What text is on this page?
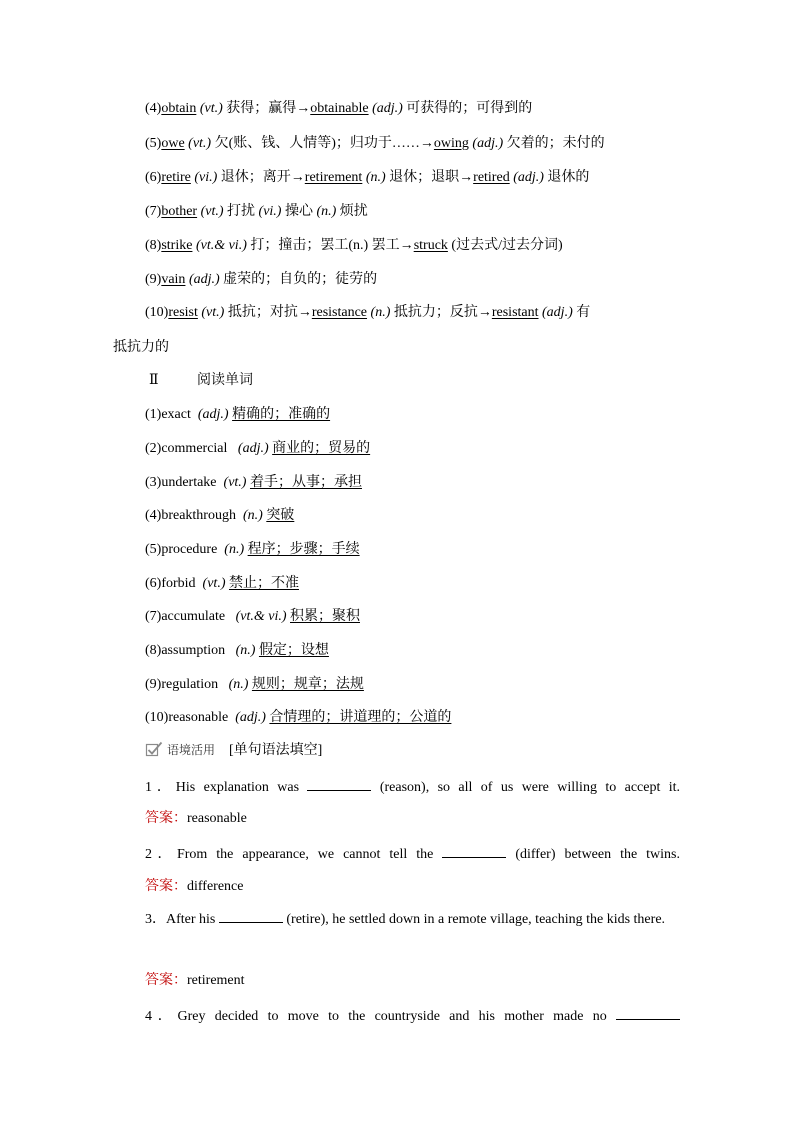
(4)obtain (vt.) 获得；赢得→obtainable (adj.) 可获得的；可得到的
(5)owe (vt.) 欠(账、钱、人情等)；归功于……→owing (adj.) 欠着的；未付的
(6)retire (vi.) 退休；离开→retirement (n.) 退休；退职→retired (adj.) 退休的
(7)bother (vt.) 打扰 (vi.) 操心 (n.) 烦扰
(8)strike (vt.& vi.) 打；撞击；罢工(n.) 罢工→struck (过去式/过去分词)
(9)vain (adj.) 虚荣的；自负的；徒劳的
(10)resist (vt.) 抵抗；对抗→resistance (n.) 抵抗力；反抗→resistant (adj.) 有
抵抗力的
Ⅱ	阅读单词
(1)exact (adj.) 精确的；准确的
(2)commercial (adj.) 商业的；贸易的
(3)undertake (vt.) 着手；从事；承担
(4)breakthrough (n.) 突破
(5)procedure (n.) 程序；步骤；手续
(6)forbid (vt.) 禁止；不准
(7)accumulate (vt.& vi.) 积累；聚积
(8)assumption (n.) 假定；设想
(9)regulation (n.) 规则；规章；法规
(10)reasonable (adj.) 合情理的；讲道理的；公道的
语境活用 [单句语法填空]
1．His explanation was	(reason), so all of us were willing to accept it.
答案：reasonable
2．From the appearance, we cannot tell the	(differ) between the twins.
答案：difference
3．After his	(retire), he settled down in a remote village, teaching the kids there.
答案：retirement
4．Grey decided to move to the countryside and his mother made no
